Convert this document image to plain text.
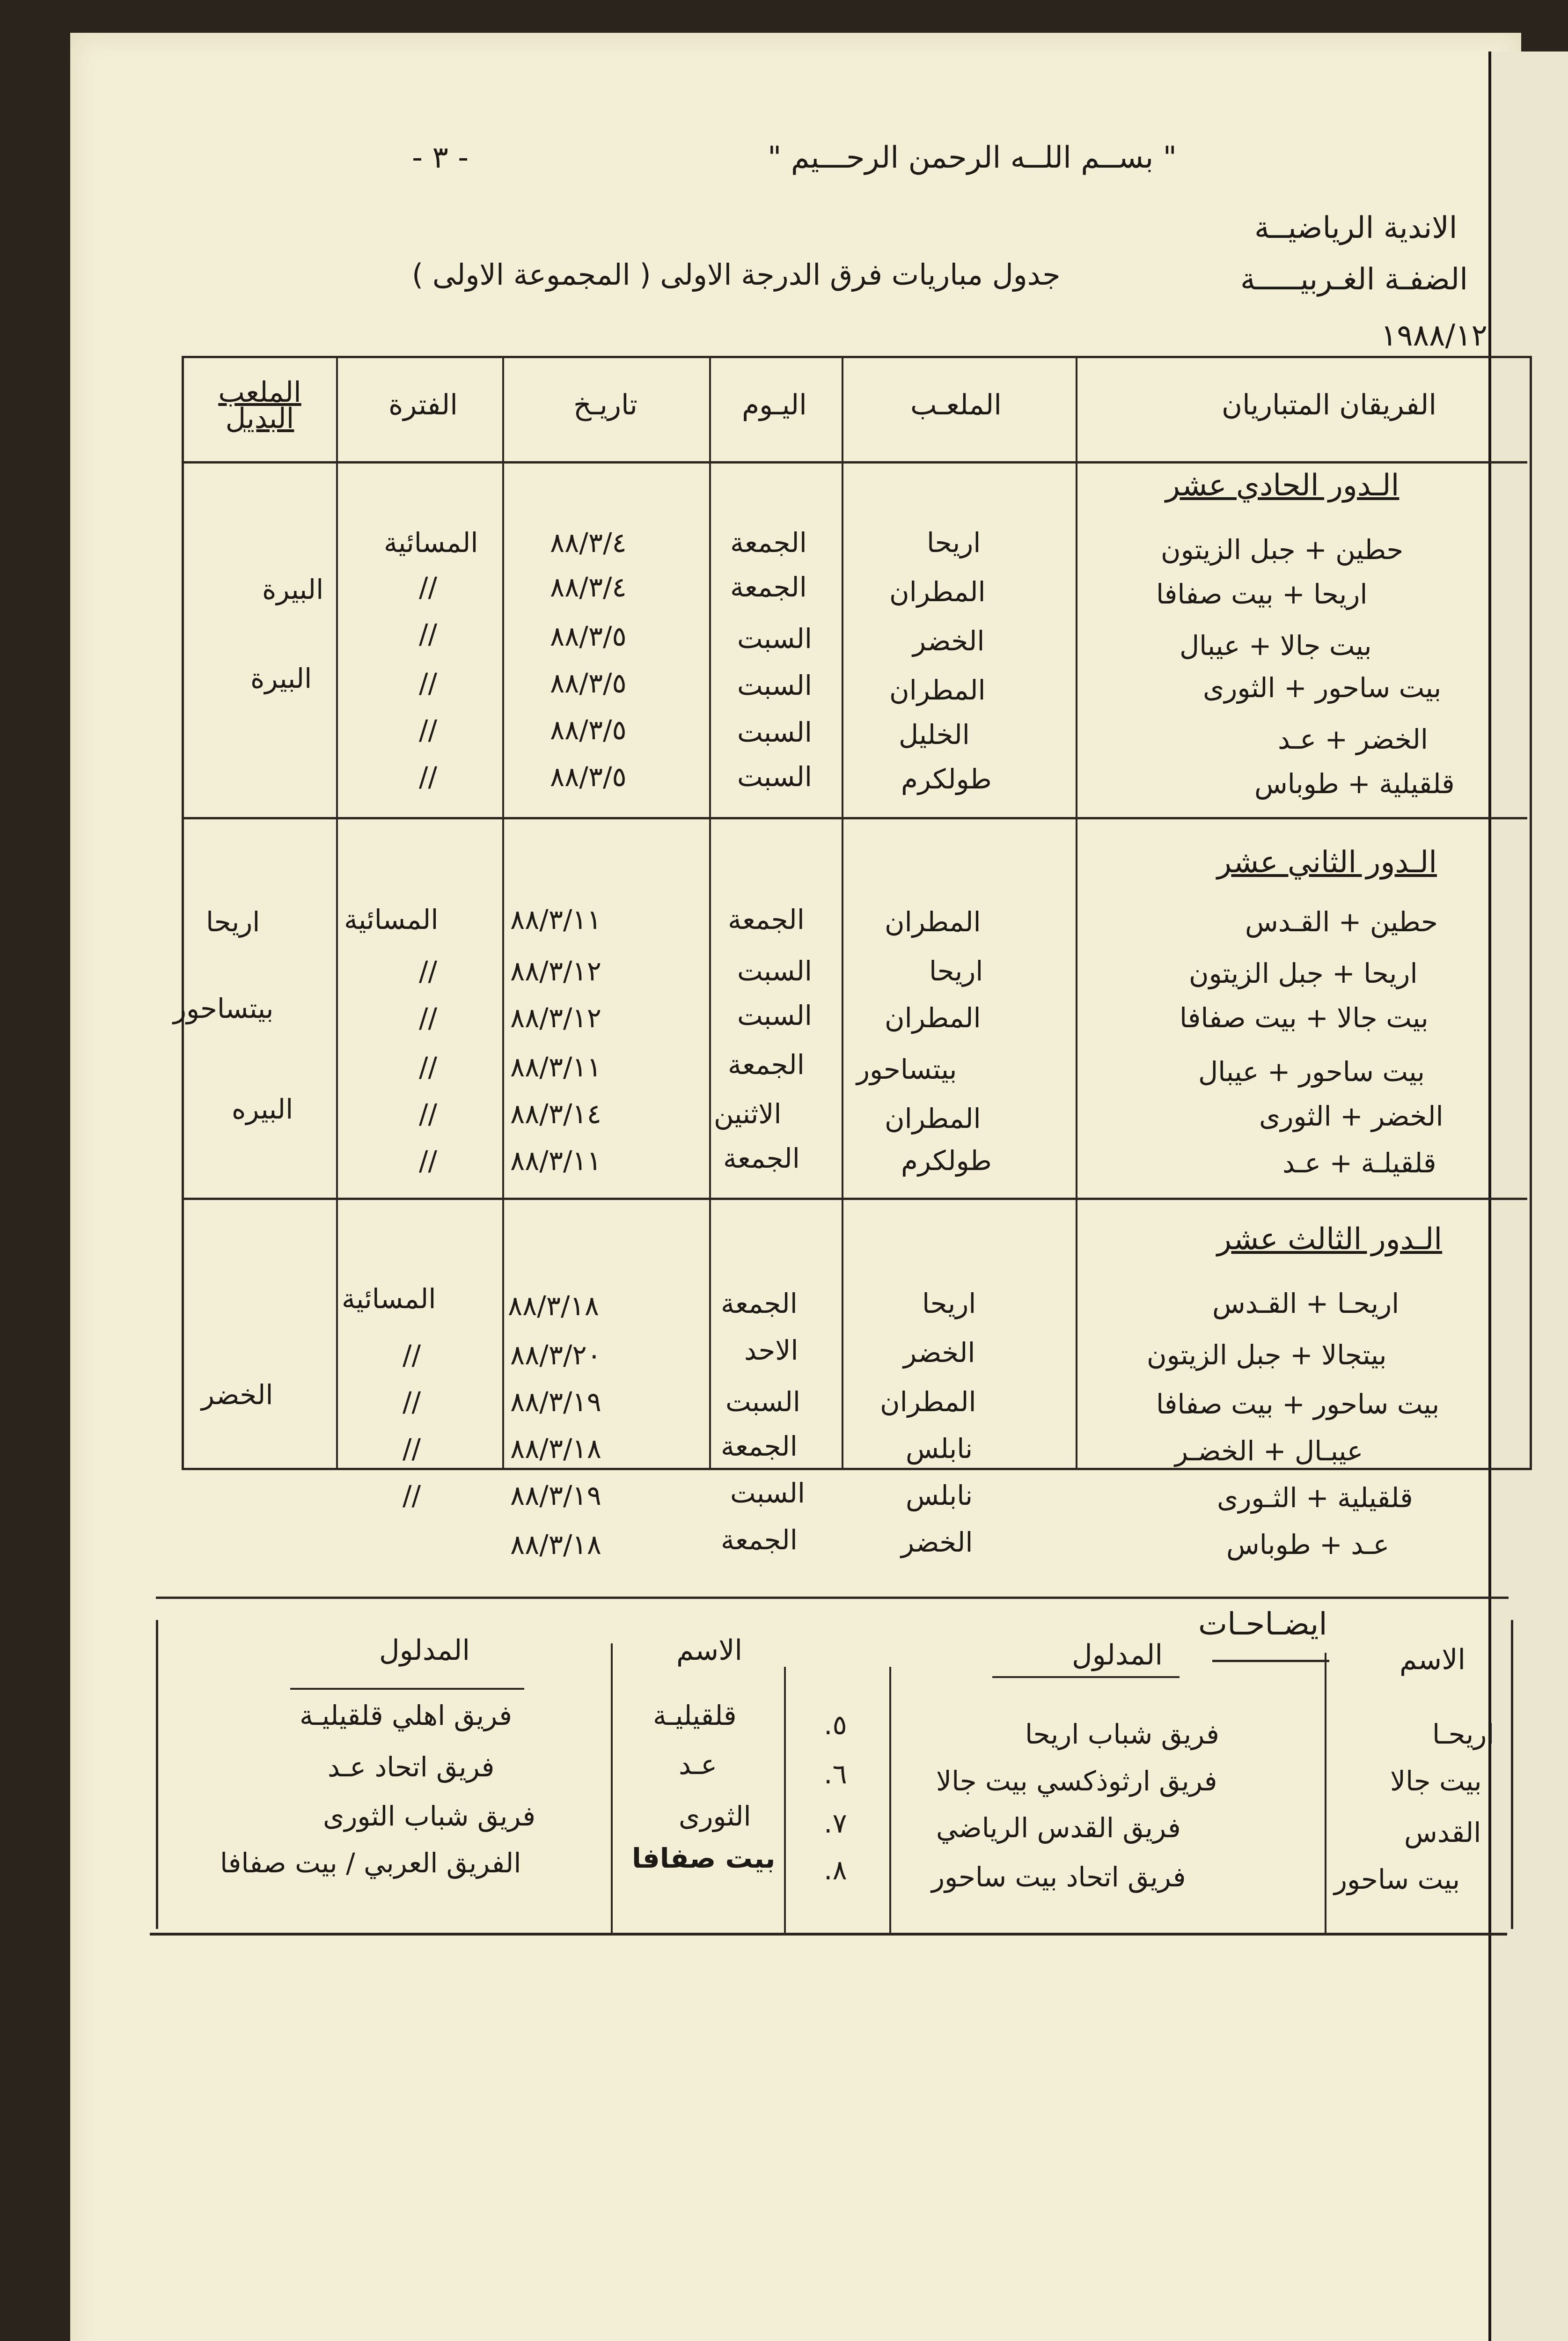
" بســم اللــه الرحمن الرحـــيم "
- ٣ -
الاندية الرياضيــة
الضفـة الغـربيـــــة
١٩٨٨/١٢
جدول مباريات فرق الدرجة الاولى ( المجموعة الاولى )
الفريقان المتباريان
الملعـب
اليـوم
تاريـخ
الفترة
الملعب البديل
الـدور الحادي عشر
حطين + جبل الزيتون
اريحا
الجمعة
٨٨/٣/٤
المسائية
اريحا + بيت صفافا
المطران
الجمعة
٨٨/٣/٤
//
البيرة
بيت جالا + عيبال
الخضر
السبت
٨٨/٣/٥
//
بيت ساحور + الثورى
المطران
السبت
٨٨/٣/٥
//
البيرة
الخضر + عـد
الخليل
السبت
٨٨/٣/٥
//
قلقيلية + طوباس
طولكرم
السبت
٨٨/٣/٥
//
الـدور الثاني عشر
حطين + القـدس
المطران
الجمعة
٨٨/٣/١١
المسائية
اريحا
اريحا + جبل الزيتون
اريحا
السبت
٨٨/٣/١٢
//
بيت جالا + بيت صفافا
المطران
السبت
٨٨/٣/١٢
//
بيتساحور
بيت ساحور + عيبال
بيتساحور
الجمعة
٨٨/٣/١١
//
الخضر + الثورى
المطران
الاثنين
٨٨/٣/١٤
//
البيره
قلقيلـة + عـد
طولكرم
الجمعة
٨٨/٣/١١
//
الـدور الثالث عشر
اريحـا + القـدس
اريحا
الجمعة
٨٨/٣/١٨
المسائية
بيتجالا + جبل الزيتون
الخضر
الاحد
٨٨/٣/٢٠
//
بيت ساحور + بيت صفافا
المطران
السبت
٨٨/٣/١٩
//
الخضر
عيبـال + الخضـر
نابلس
الجمعة
٨٨/٣/١٨
//
قلقيلية + الثـورى
نابلس
السبت
٨٨/٣/١٩
//
عـد + طوباس
الخضر
الجمعة
٨٨/٣/١٨
ايضـاحـات
الاسم
المدلول
الاسم
المدلول
اريحـا
فريق شباب اريحا
بيت جالا
فريق ارثوذكسي بيت جالا
القدس
فريق القدس الرياضي
بيت ساحور
فريق اتحاد بيت ساحور
٥.
قلقيليـة
فريق اهلي قلقيليـة
٦.
عـد
فريق اتحاد عـد
٧.
الثورى
فريق شباب الثورى
٨.
بيت صفافا
الفريق العربي / بيت صفافا
